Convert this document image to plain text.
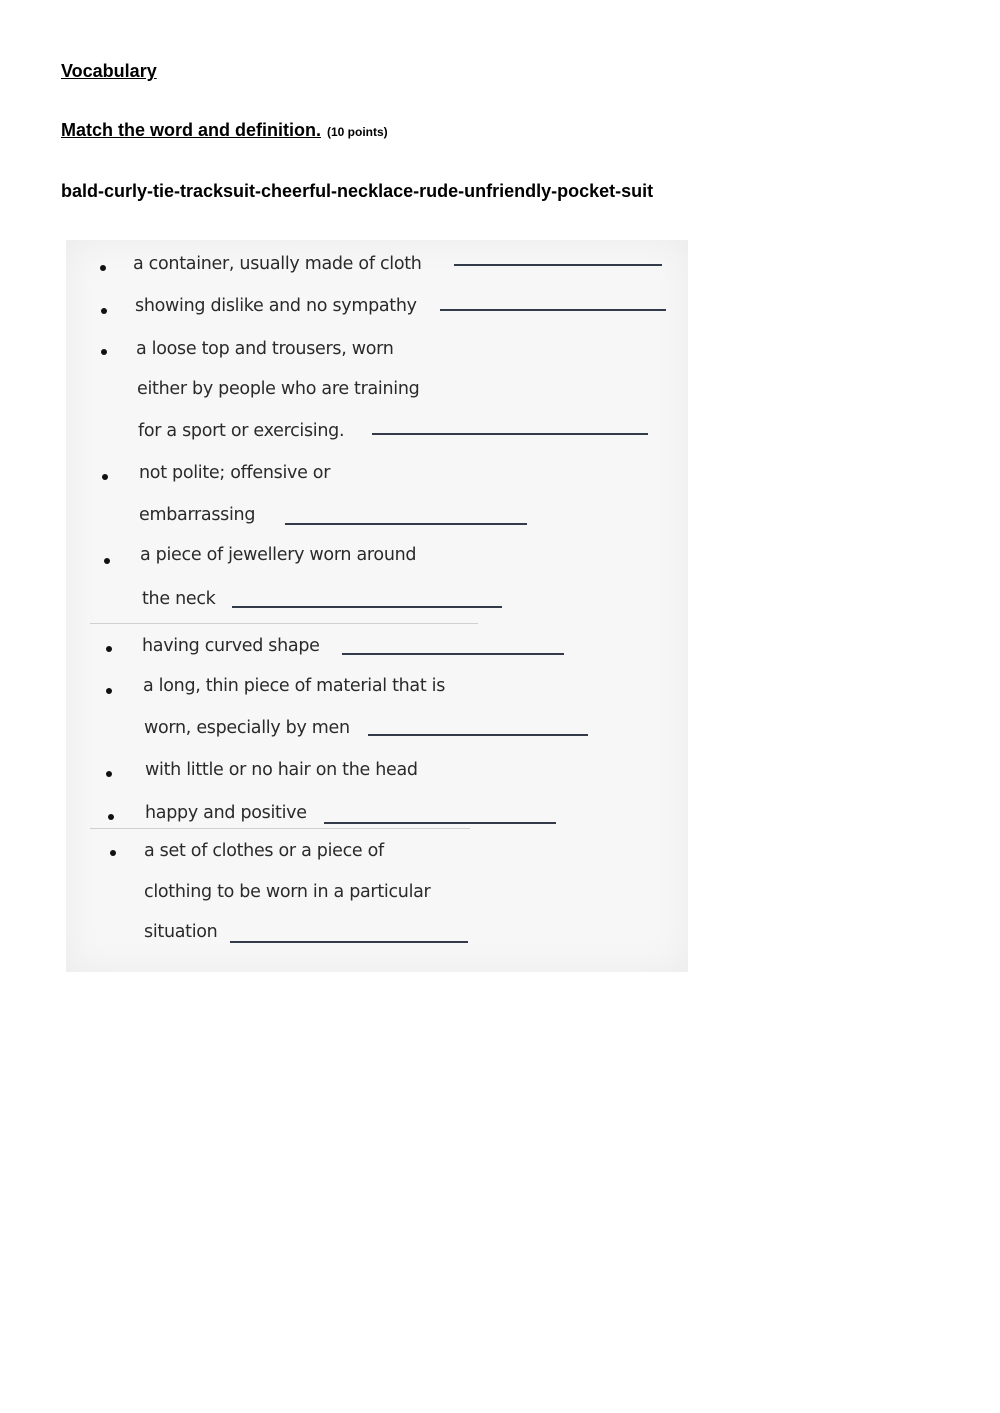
Vocabulary

Match the word and definition. (10 points)

bald-curly-tie-tracksuit-cheerful-necklace-rude-unfriendly-pocket-suit

a container, usually made of cloth
showing dislike and no sympathy
a loose top and trousers, worn
either by people who are training
for a sport or exercising.
not polite; offensive or
embarrassing
a piece of jewellery worn around
the neck
having curved shape
a long, thin piece of material that is
worn, especially by men
with little or no hair on the head
happy and positive
a set of clothes or a piece of
clothing to be worn in a particular
situation
